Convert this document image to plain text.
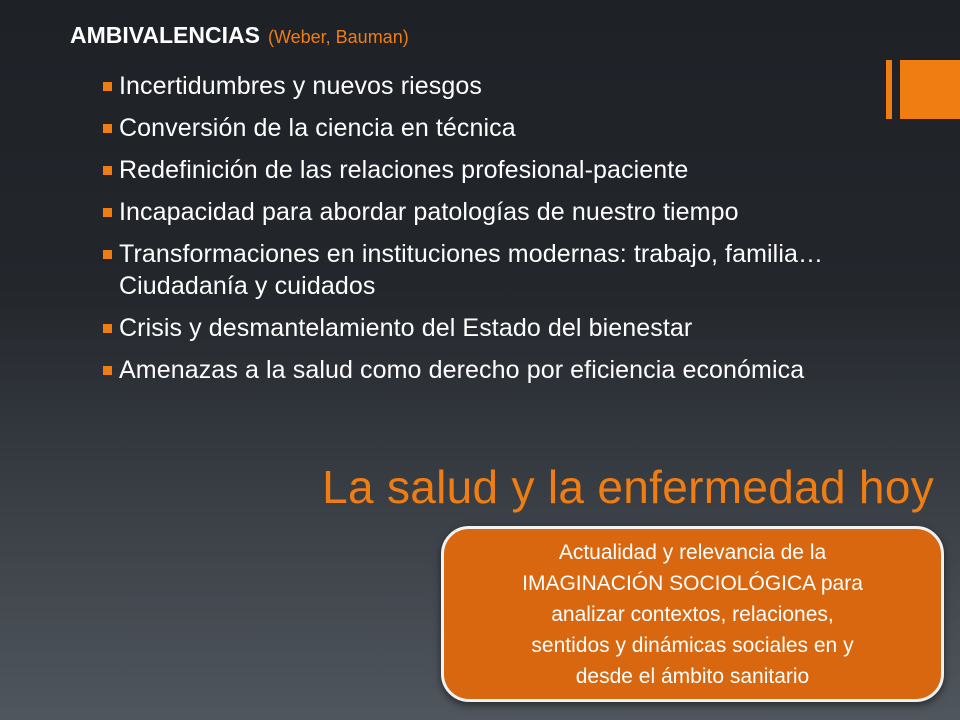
AMBIVALENCIAS (Weber, Bauman)
Incertidumbres y nuevos riesgos
Conversión de la ciencia en técnica
Redefinición de las relaciones profesional-paciente
Incapacidad para abordar patologías de nuestro tiempo
Transformaciones en instituciones modernas: trabajo, familia… Ciudadanía y cuidados
Crisis y desmantelamiento del Estado del bienestar
Amenazas a la salud como derecho por eficiencia económica
La salud y la enfermedad hoy
Actualidad y relevancia de la
IMAGINACIÓN SOCIOLÓGICA para
analizar contextos, relaciones,
sentidos y dinámicas sociales en y
desde el ámbito sanitario
